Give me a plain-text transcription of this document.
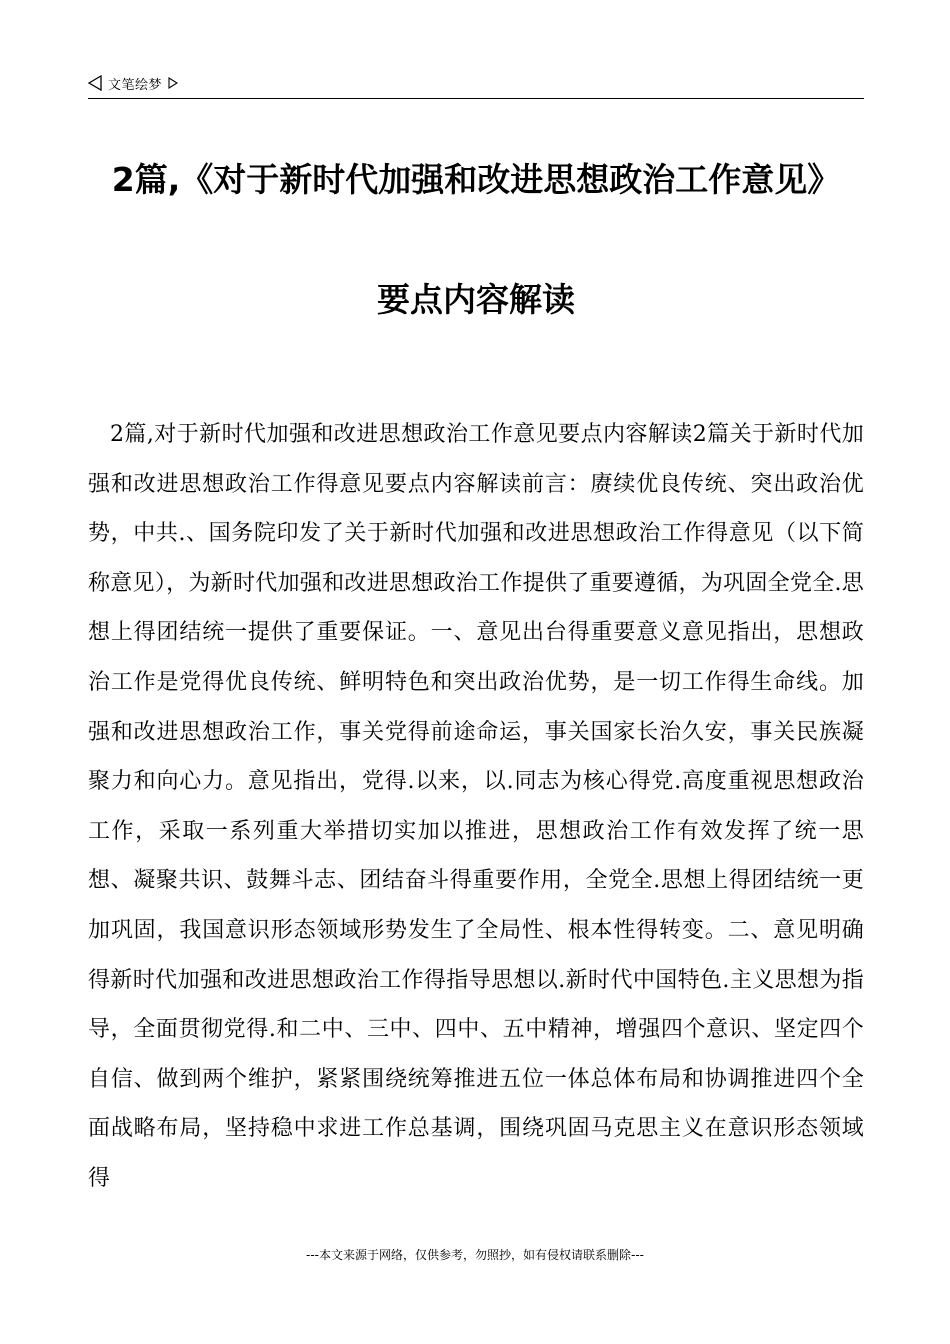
文笔绘梦
2篇,《对于新时代加强和改进思想政治工作意见》
要点内容解读

2篇,对于新时代加强和改进思想政治工作意见要点内容解读2篇关于新时代加强和改进思想政治工作得意见要点内容解读前言：赓续优良传统、突出政治优势，中共.、国务院印发了关于新时代加强和改进思想政治工作得意见（以下简称意见），为新时代加强和改进思想政治工作提供了重要遵循，为巩固全党全.思想上得团结统一提供了重要保证。一、意见出台得重要意义意见指出，思想政治工作是党得优良传统、鲜明特色和突出政治优势，是一切工作得生命线。加强和改进思想政治工作，事关党得前途命运，事关国家长治久安，事关民族凝聚力和向心力。意见指出，党得.以来，以.同志为核心得党.高度重视思想政治工作，采取一系列重大举措切实加以推进，思想政治工作有效发挥了统一思想、凝聚共识、鼓舞斗志、团结奋斗得重要作用，全党全.思想上得团结统一更加巩固，我国意识形态领域形势发生了全局性、根本性得转变。二、意见明确得新时代加强和改进思想政治工作得指导思想以.新时代中国特色.主义思想为指导，全面贯彻党得.和二中、三中、四中、五中精神，增强四个意识、坚定四个自信、做到两个维护，紧紧围绕统筹推进五位一体总体布局和协调推进四个全面战略布局，坚持稳中求进工作总基调，围绕巩固马克思主义在意识形态领域得

---本文来源于网络，仅供参考，勿照抄，如有侵权请联系删除---
